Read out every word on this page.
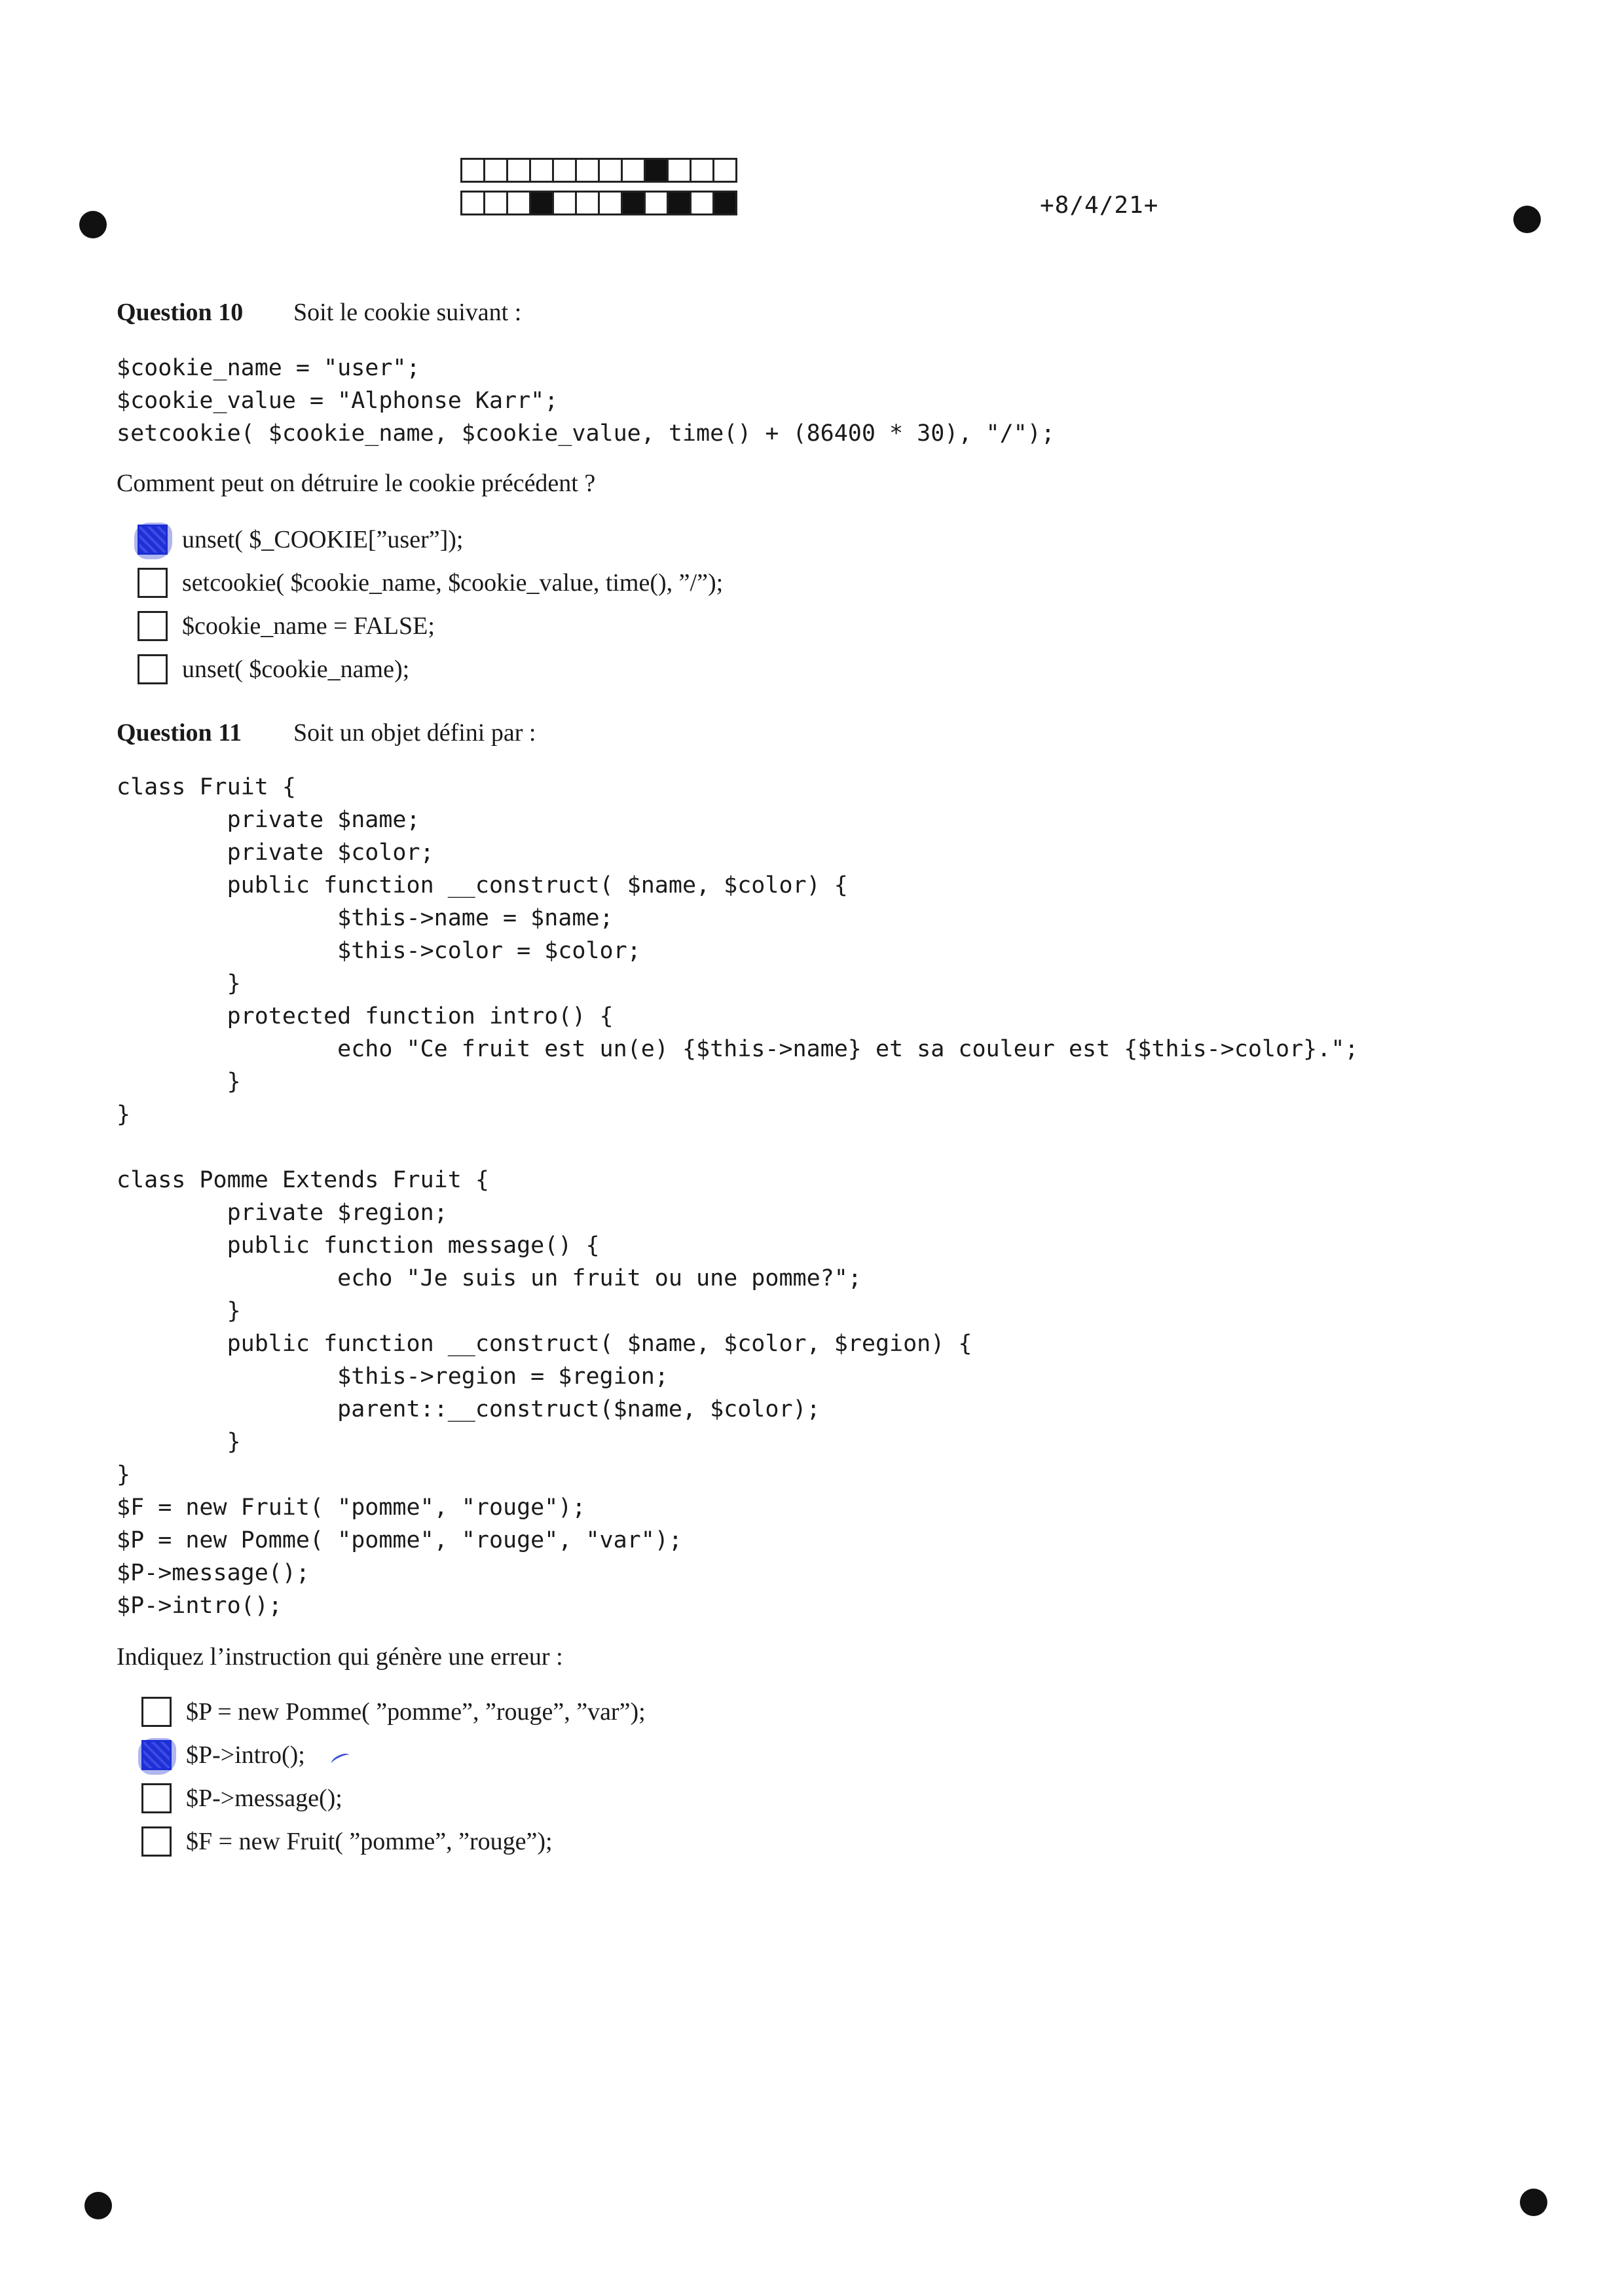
+8/4/21+
Question 10 Soit le cookie suivant :
$cookie_name = "user";
$cookie_value = "Alphonse Karr";
setcookie( $cookie_name, $cookie_value, time() + (86400 * 30), "/");
Comment peut on détruire le cookie précédent ?
unset( $_COOKIE[”user”]);
setcookie( $cookie_name, $cookie_value, time(), ”/”);
$cookie_name = FALSE;
unset( $cookie_name);
Question 11 Soit un objet défini par :
class Fruit {
private $name;
private $color;
public function __construct( $name, $color) {
$this->name = $name;
$this->color = $color;
}
protected function intro() {
echo "Ce fruit est un(e) {$this->name} et sa couleur est {$this->color}.";
}
}

class Pomme Extends Fruit {
private $region;
public function message() {
echo "Je suis un fruit ou une pomme?";
}
public function __construct( $name, $color, $region) {
$this->region = $region;
parent::__construct($name, $color);
}
}
$F = new Fruit( "pomme", "rouge");
$P = new Pomme( "pomme", "rouge", "var");
$P->message();
$P->intro();
Indiquez l’instruction qui génère une erreur :
$P = new Pomme( ”pomme”, ”rouge”, ”var”);
$P->intro();
$P->message();
$F = new Fruit( ”pomme”, ”rouge”);
